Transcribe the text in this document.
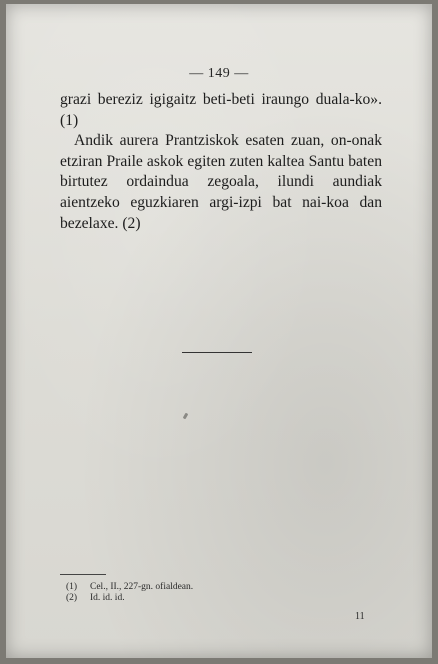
— 149 —

grazi bereziz igigaitz beti-beti iraungo duala-ko». (1)

Andik aurera Prantziskok esaten zuan, on-onak etziran Praile askok egiten zuten kaltea Santu baten birtutez ordaindua zegoala, ilundi aundiak aientzeko eguzkiaren argi-izpi bat nai-koa dan bezelaxe. (2)

(1) Cel., II., 227-gn. ofialdean.
(2) Id. id. id.
11
